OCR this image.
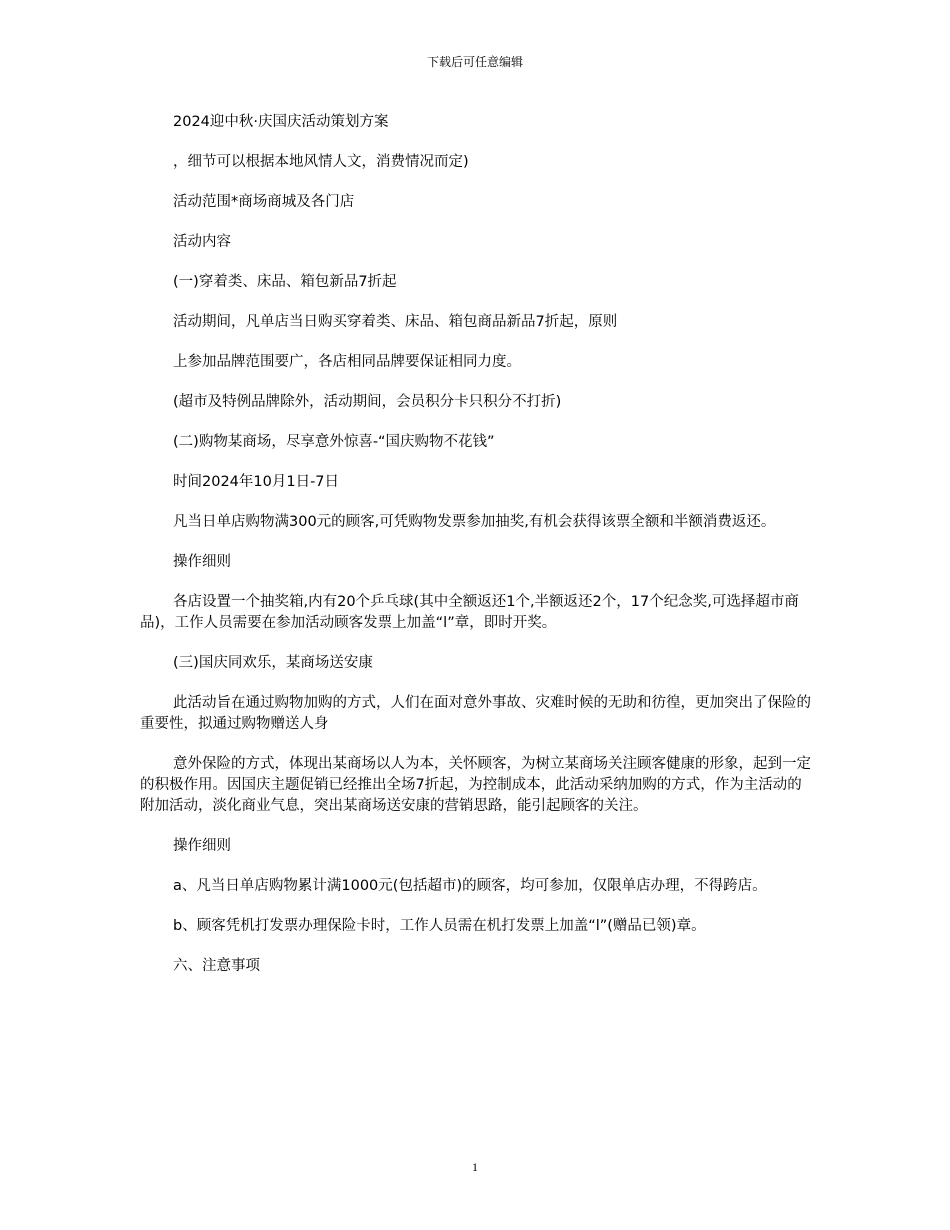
下载后可任意编辑

2024迎中秋·庆国庆活动策划方案

，细节可以根据本地风情人文，消费情况而定)

活动范围*商场商城及各门店

活动内容

(一)穿着类、床品、箱包新品7折起

活动期间，凡单店当日购买穿着类、床品、箱包商品新品7折起，原则

上参加品牌范围要广，各店相同品牌要保证相同力度。

(超市及特例品牌除外，活动期间，会员积分卡只积分不打折)

(二)购物某商场，尽享意外惊喜-“国庆购物不花钱”

时间2024年10月1日-7日

凡当日单店购物满300元的顾客,可凭购物发票参加抽奖,有机会获得该票全额和半额消费返还。

操作细则

各店设置一个抽奖箱,内有20个乒乓球(其中全额返还1个,半额返还2个，17个纪念奖,可选择超市商品)，工作人员需要在参加活动顾客发票上加盖“l”章，即时开奖。

(三)国庆同欢乐，某商场送安康

此活动旨在通过购物加购的方式，人们在面对意外事故、灾难时候的无助和彷徨，更加突出了保险的重要性，拟通过购物赠送人身

意外保险的方式，体现出某商场以人为本，关怀顾客，为树立某商场关注顾客健康的形象，起到一定的积极作用。因国庆主题促销已经推出全场7折起，为控制成本，此活动采纳加购的方式，作为主活动的附加活动，淡化商业气息，突出某商场送安康的营销思路，能引起顾客的关注。

操作细则

a、凡当日单店购物累计满1000元(包括超市)的顾客，均可参加，仅限单店办理，不得跨店。

b、顾客凭机打发票办理保险卡时，工作人员需在机打发票上加盖“l”(赠品已领)章。

六、注意事项

1
